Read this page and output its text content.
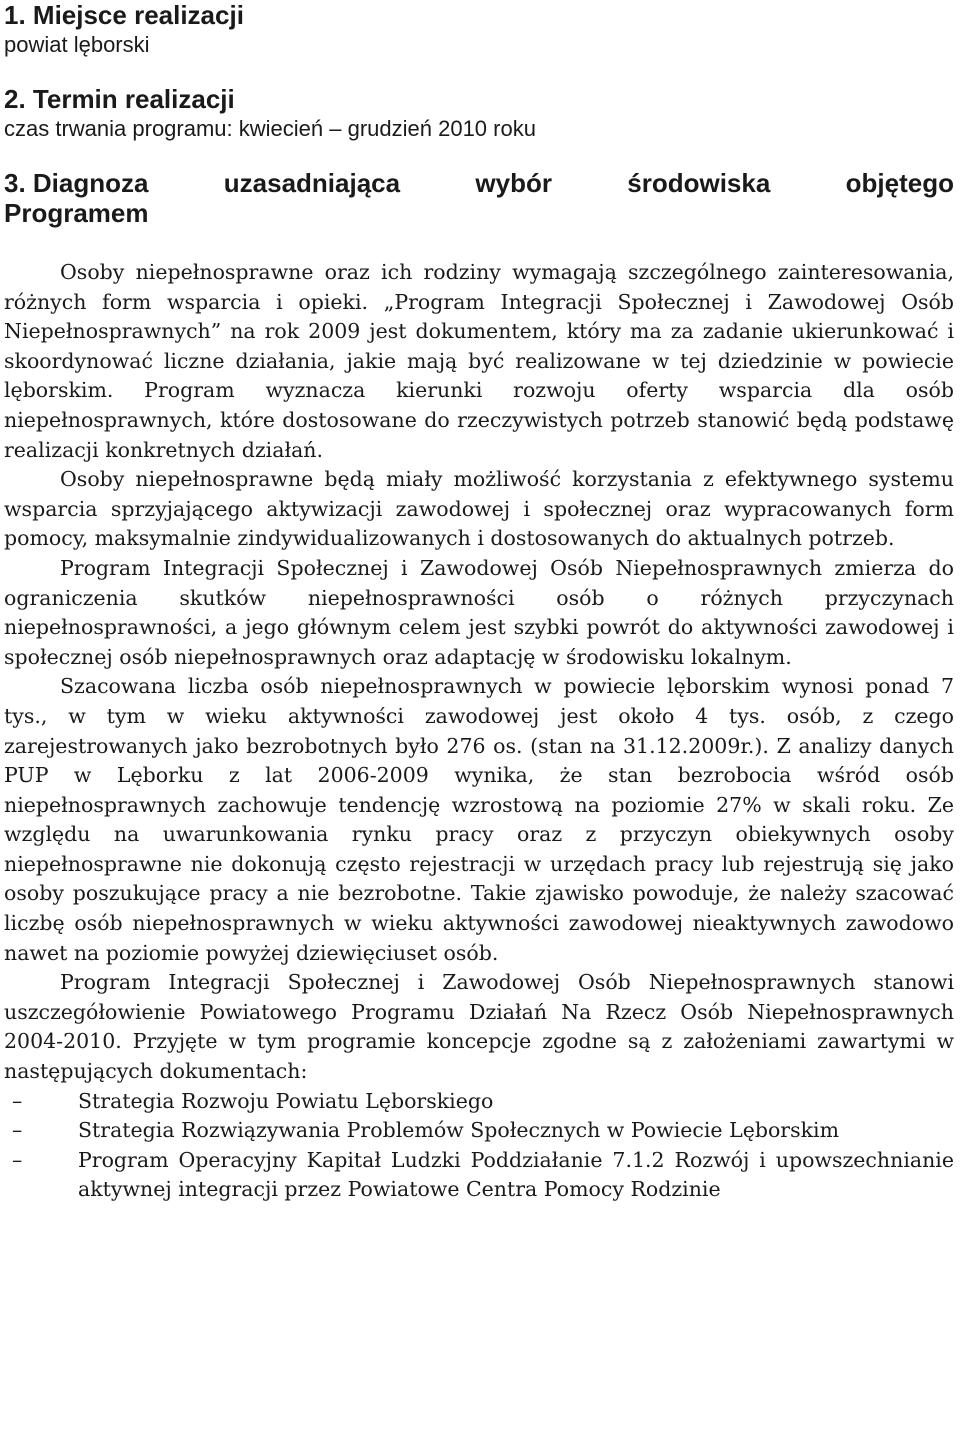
1. Miejsce realizacji

powiat lęborski

2. Termin realizacji

czas trwania programu: kwiecień – grudzień 2010 roku

3. Diagnoza	uzasadniająca	wybór	środowiska	objętego

Programem

Osoby niepełnosprawne oraz ich rodziny wymagają szczególnego zainteresowania, różnych form wsparcia i opieki. „Program Integracji Społecznej i Zawodowej Osób Niepełnosprawnych” na rok 2009 jest dokumentem, który ma za zadanie ukierunkować i skoordynować liczne działania, jakie mają być realizowane w tej dziedzinie w powiecie lęborskim. Program wyznacza kierunki rozwoju oferty wsparcia dla osób niepełnosprawnych, które dostosowane do rzeczywistych potrzeb stanowić będą podstawę realizacji konkretnych działań.

Osoby niepełnosprawne będą miały możliwość korzystania z efektywnego systemu wsparcia sprzyjającego aktywizacji zawodowej i społecznej oraz wypracowanych form pomocy, maksymalnie zindywidualizowanych i dostosowanych do aktualnych potrzeb.

Program Integracji Społecznej i Zawodowej Osób Niepełnosprawnych zmierza do ograniczenia skutków niepełnosprawności osób o różnych przyczynach niepełnosprawności, a jego głównym celem jest szybki powrót do aktywności zawodowej i społecznej osób niepełnosprawnych oraz adaptację w środowisku lokalnym.

Szacowana liczba osób niepełnosprawnych w powiecie lęborskim wynosi ponad 7 tys., w tym w wieku aktywności zawodowej jest około 4 tys. osób, z czego zarejestrowanych jako bezrobotnych było 276 os. (stan na 31.12.2009r.). Z analizy danych PUP w Lęborku z lat 2006-2009 wynika, że stan bezrobocia wśród osób niepełnosprawnych zachowuje tendencję wzrostową na poziomie 27% w skali roku. Ze względu na uwarunkowania rynku pracy oraz z przyczyn obiekywnych osoby niepełnosprawne nie dokonują często rejestracji w urzędach pracy lub rejestrują się jako osoby poszukujące pracy a nie bezrobotne. Takie zjawisko powoduje, że należy szacować liczbę osób niepełnosprawnych w wieku aktywności zawodowej nieaktywnych zawodowo nawet na poziomie powyżej dziewięciuset osób.

Program Integracji Społecznej i Zawodowej Osób Niepełnosprawnych stanowi uszczegółowienie Powiatowego Programu Działań Na Rzecz Osób Niepełnosprawnych 2004-2010. Przyjęte w tym programie koncepcje zgodne są z założeniami zawartymi w następujących dokumentach:

–	Strategia Rozwoju Powiatu Lęborskiego
–	Strategia Rozwiązywania Problemów Społecznych w Powiecie Lęborskim
–	Program Operacyjny Kapitał Ludzki Poddziałanie 7.1.2 Rozwój i upowszechnianie aktywnej integracji przez Powiatowe Centra Pomocy Rodzinie
